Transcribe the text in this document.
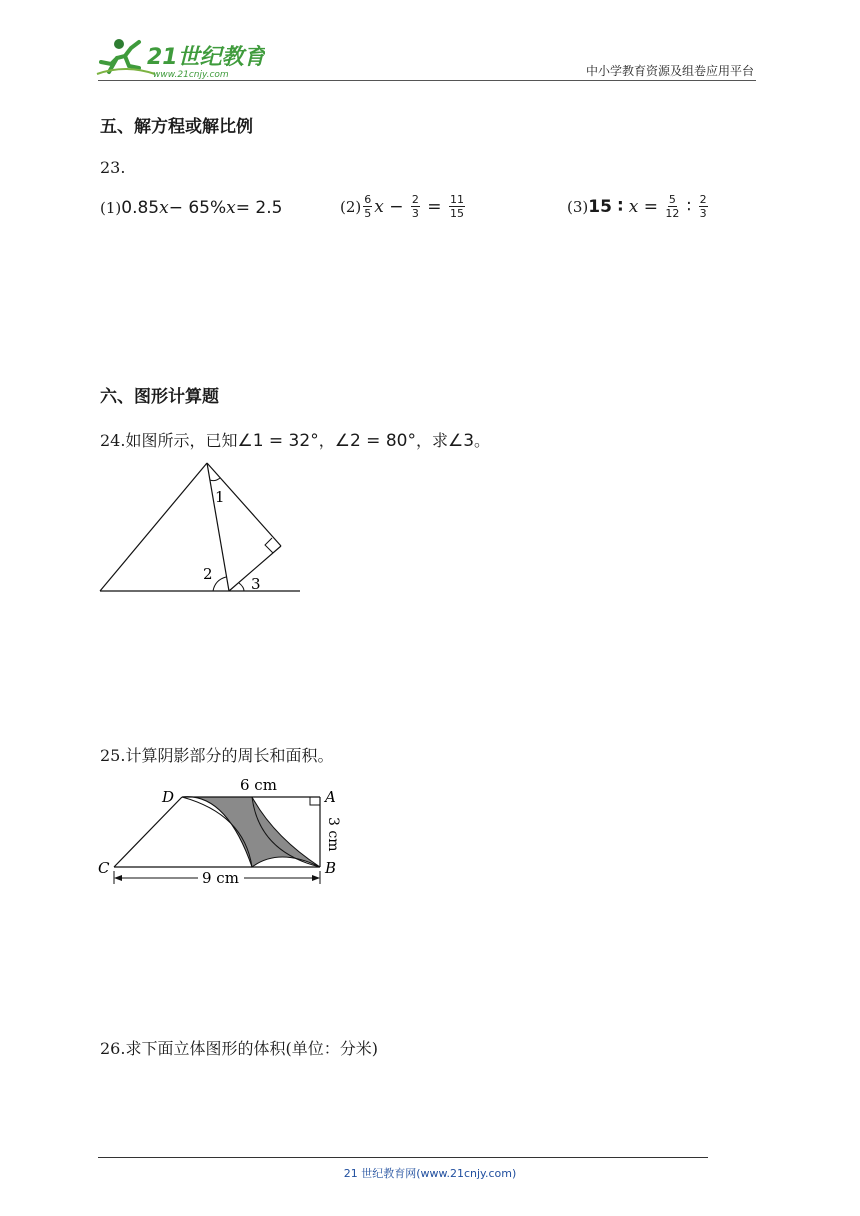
21世纪教育
www.21cnjy.com	中小学教育资源及组卷应用平台
五、解方程或解比例
23.
(1) 0.85 x − 65% x = 2.5	$(2) \frac{6}{5}$ $x - \frac{2}{3} = \frac{11}{15}$	(3) 15 ∶ $x = \frac{5}{12}$ ∶ $\frac{2}{3}$
六、图形计算题
24.如图所示，已知 ∠1 = 32° ， ∠2 = 80° ，求 ∠3 。
1
2
3
25.计算阴影部分的周长和面积。
6 cm
9 cm
3 cm
D	A
C	B
26.求下面立体图形的体积(单位：分米)
21 世纪教育网(www.21cnjy.com)
